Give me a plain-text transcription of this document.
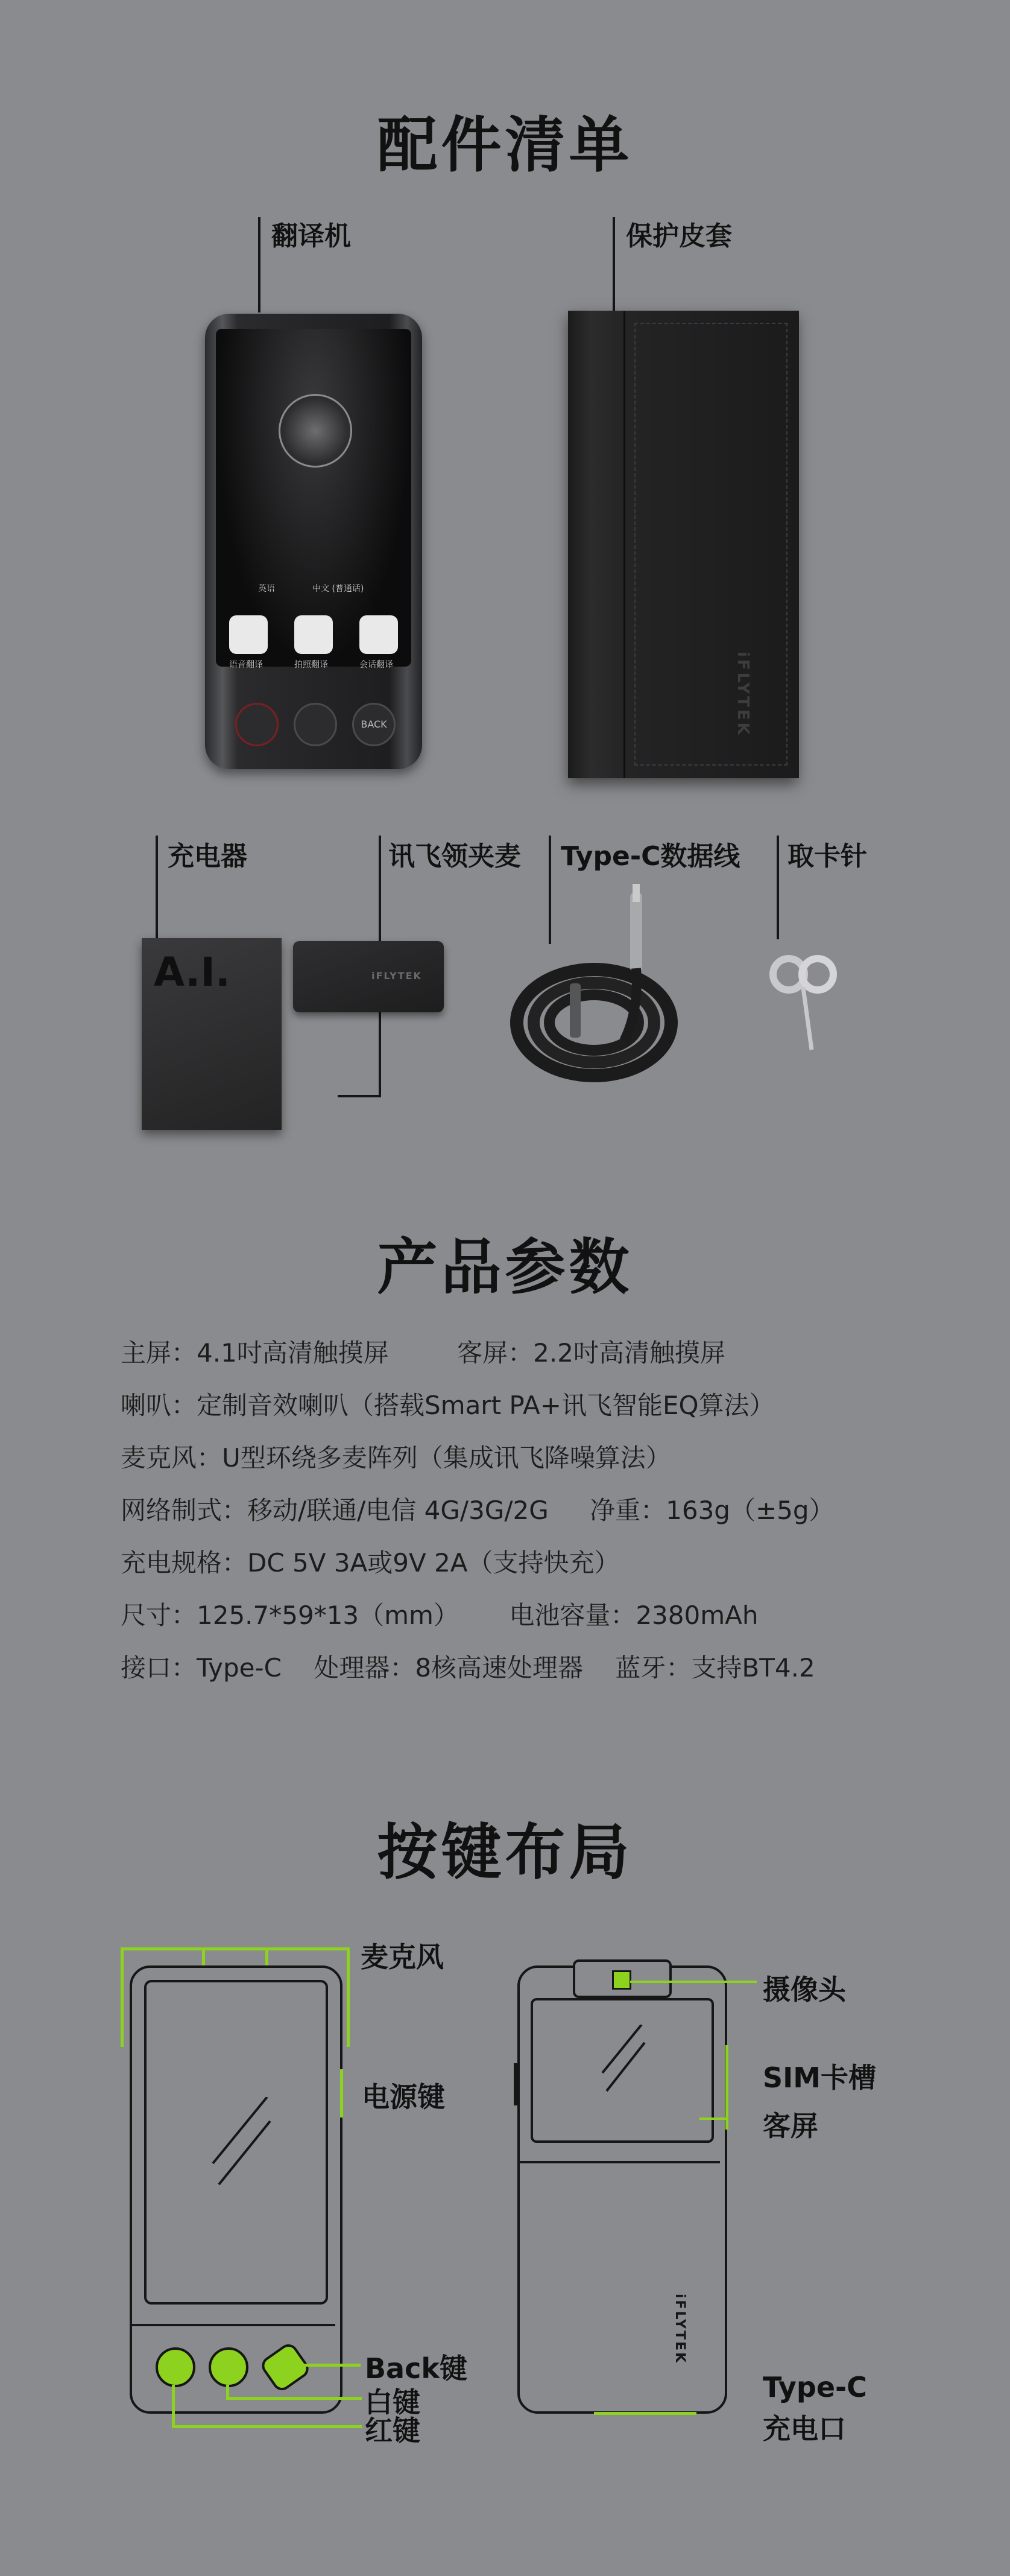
配件清单
翻译机
英语	中文 (普通话)
语音翻译	拍照翻译	会话翻译
BACK
保护皮套
iFLYTEK
充电器	讯飞领夹麦
A.I.	iFLYTEK
Type-C数据线 取卡针
产品参数
主屏：4.1吋高清触摸屏	客屏：2.2吋高清触摸屏
喇叭：定制音效喇叭（搭载Smart PA+讯飞智能EQ算法）
麦克风：U型环绕多麦阵列（集成讯飞降噪算法）
网络制式：移动/联通/电信 4G/3G/2G 净重：163g（±5g）
充电规格：DC 5V 3A或9V 2A（支持快充）
尺寸：125.7*59*13（mm） 电池容量：2380mAh
接口：Type-C 处理器：8核高速处理器 蓝牙：支持BT4.2
按键布局
麦克风
电源键
Back键
白键
红键
iFLYTEK
摄像头
SIM卡槽
客屏
Type-C
充电口
